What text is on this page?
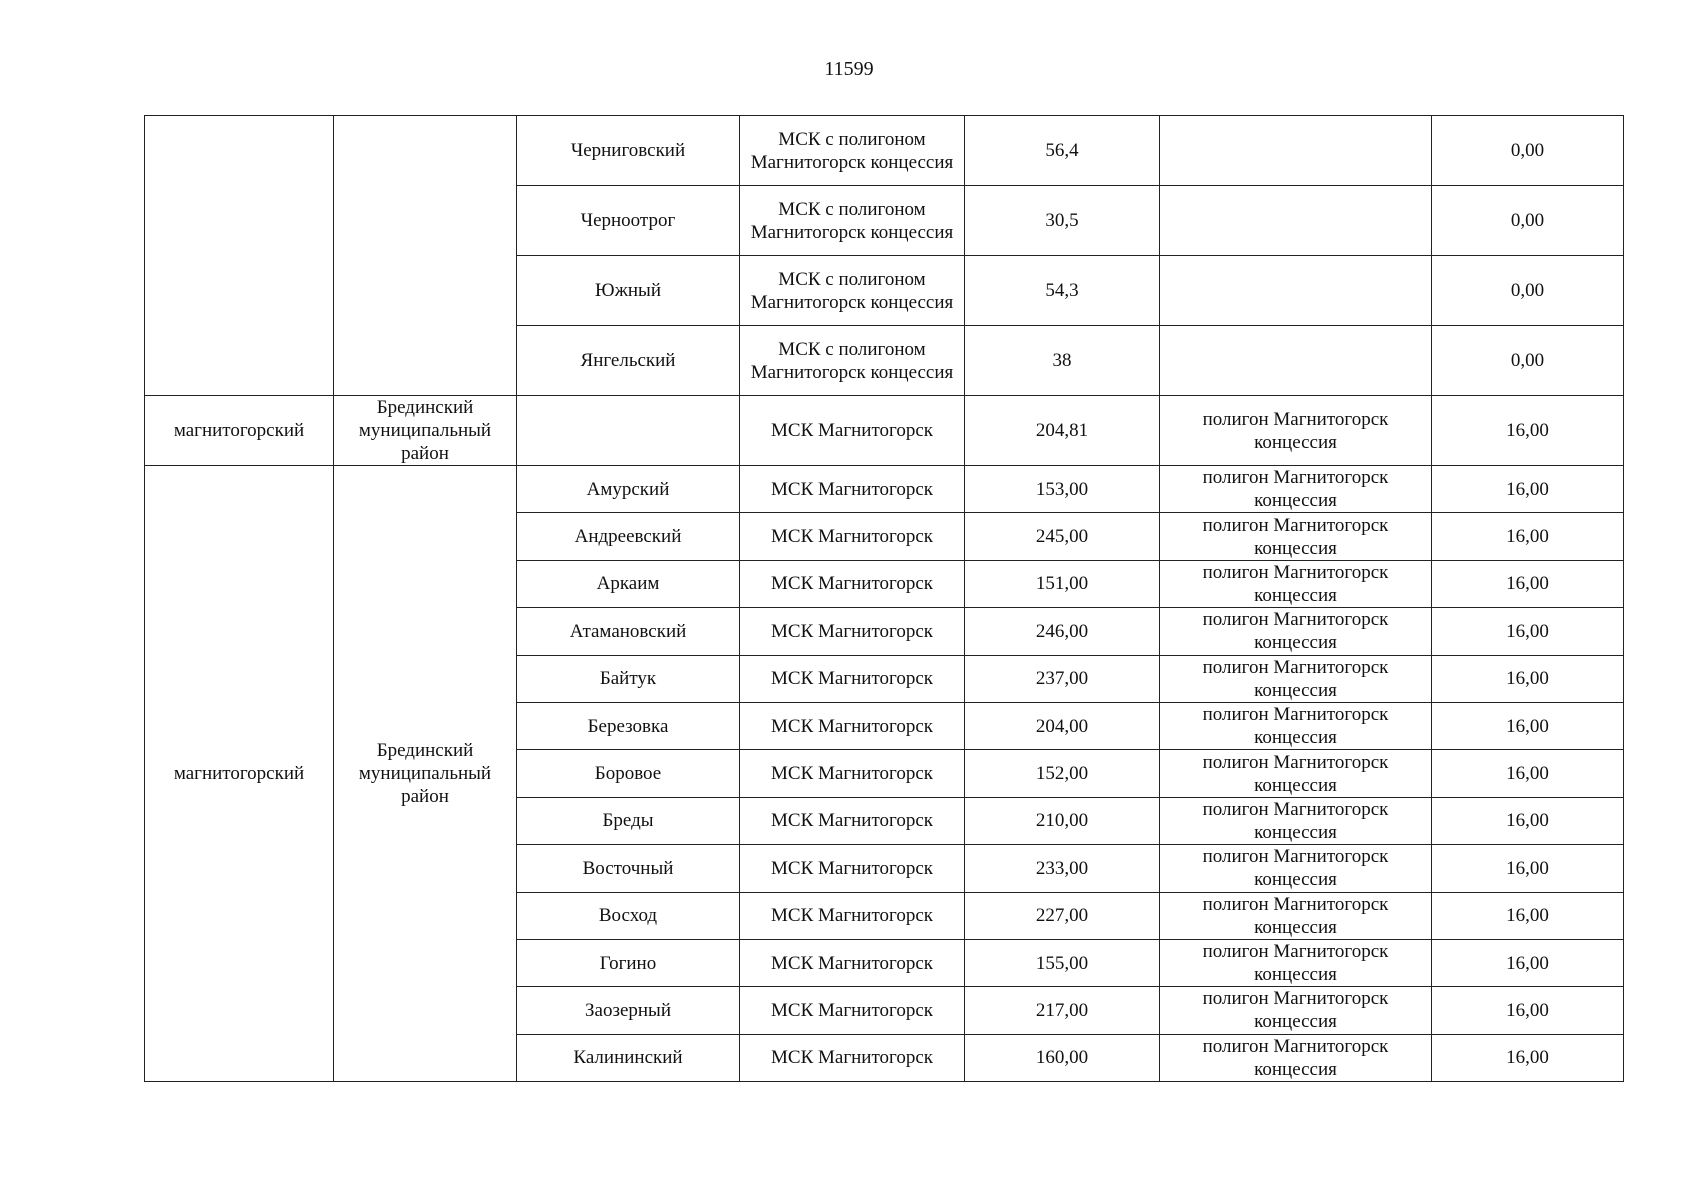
11599
		Черниговский	МСК с полигоном Магнитогорск концессия	56,4		0,00
		Черноотрог	МСК с полигоном Магнитогорск концессия	30,5		0,00
		Южный	МСК с полигоном Магнитогорск концессия	54,3		0,00
		Янгельский	МСК с полигоном Магнитогорск концессия	38		0,00
магнитогорский	Брединский муниципальный район		МСК Магнитогорск	204,81	полигон Магнитогорск концессия	16,00
магнитогорский	Брединский муниципальный район	Амурский	МСК Магнитогорск	153,00	полигон Магнитогорск концессия	16,00
		Андреевский	МСК Магнитогорск	245,00	полигон Магнитогорск концессия	16,00
		Аркаим	МСК Магнитогорск	151,00	полигон Магнитогорск концессия	16,00
		Атамановский	МСК Магнитогорск	246,00	полигон Магнитогорск концессия	16,00
		Байтук	МСК Магнитогорск	237,00	полигон Магнитогорск концессия	16,00
		Березовка	МСК Магнитогорск	204,00	полигон Магнитогорск концессия	16,00
		Боровое	МСК Магнитогорск	152,00	полигон Магнитогорск концессия	16,00
		Бреды	МСК Магнитогорск	210,00	полигон Магнитогорск концессия	16,00
		Восточный	МСК Магнитогорск	233,00	полигон Магнитогорск концессия	16,00
		Восход	МСК Магнитогорск	227,00	полигон Магнитогорск концессия	16,00
		Гогино	МСК Магнитогорск	155,00	полигон Магнитогорск концессия	16,00
		Заозерный	МСК Магнитогорск	217,00	полигон Магнитогорск концессия	16,00
		Калининский	МСК Магнитогорск	160,00	полигон Магнитогорск концессия	16,00
